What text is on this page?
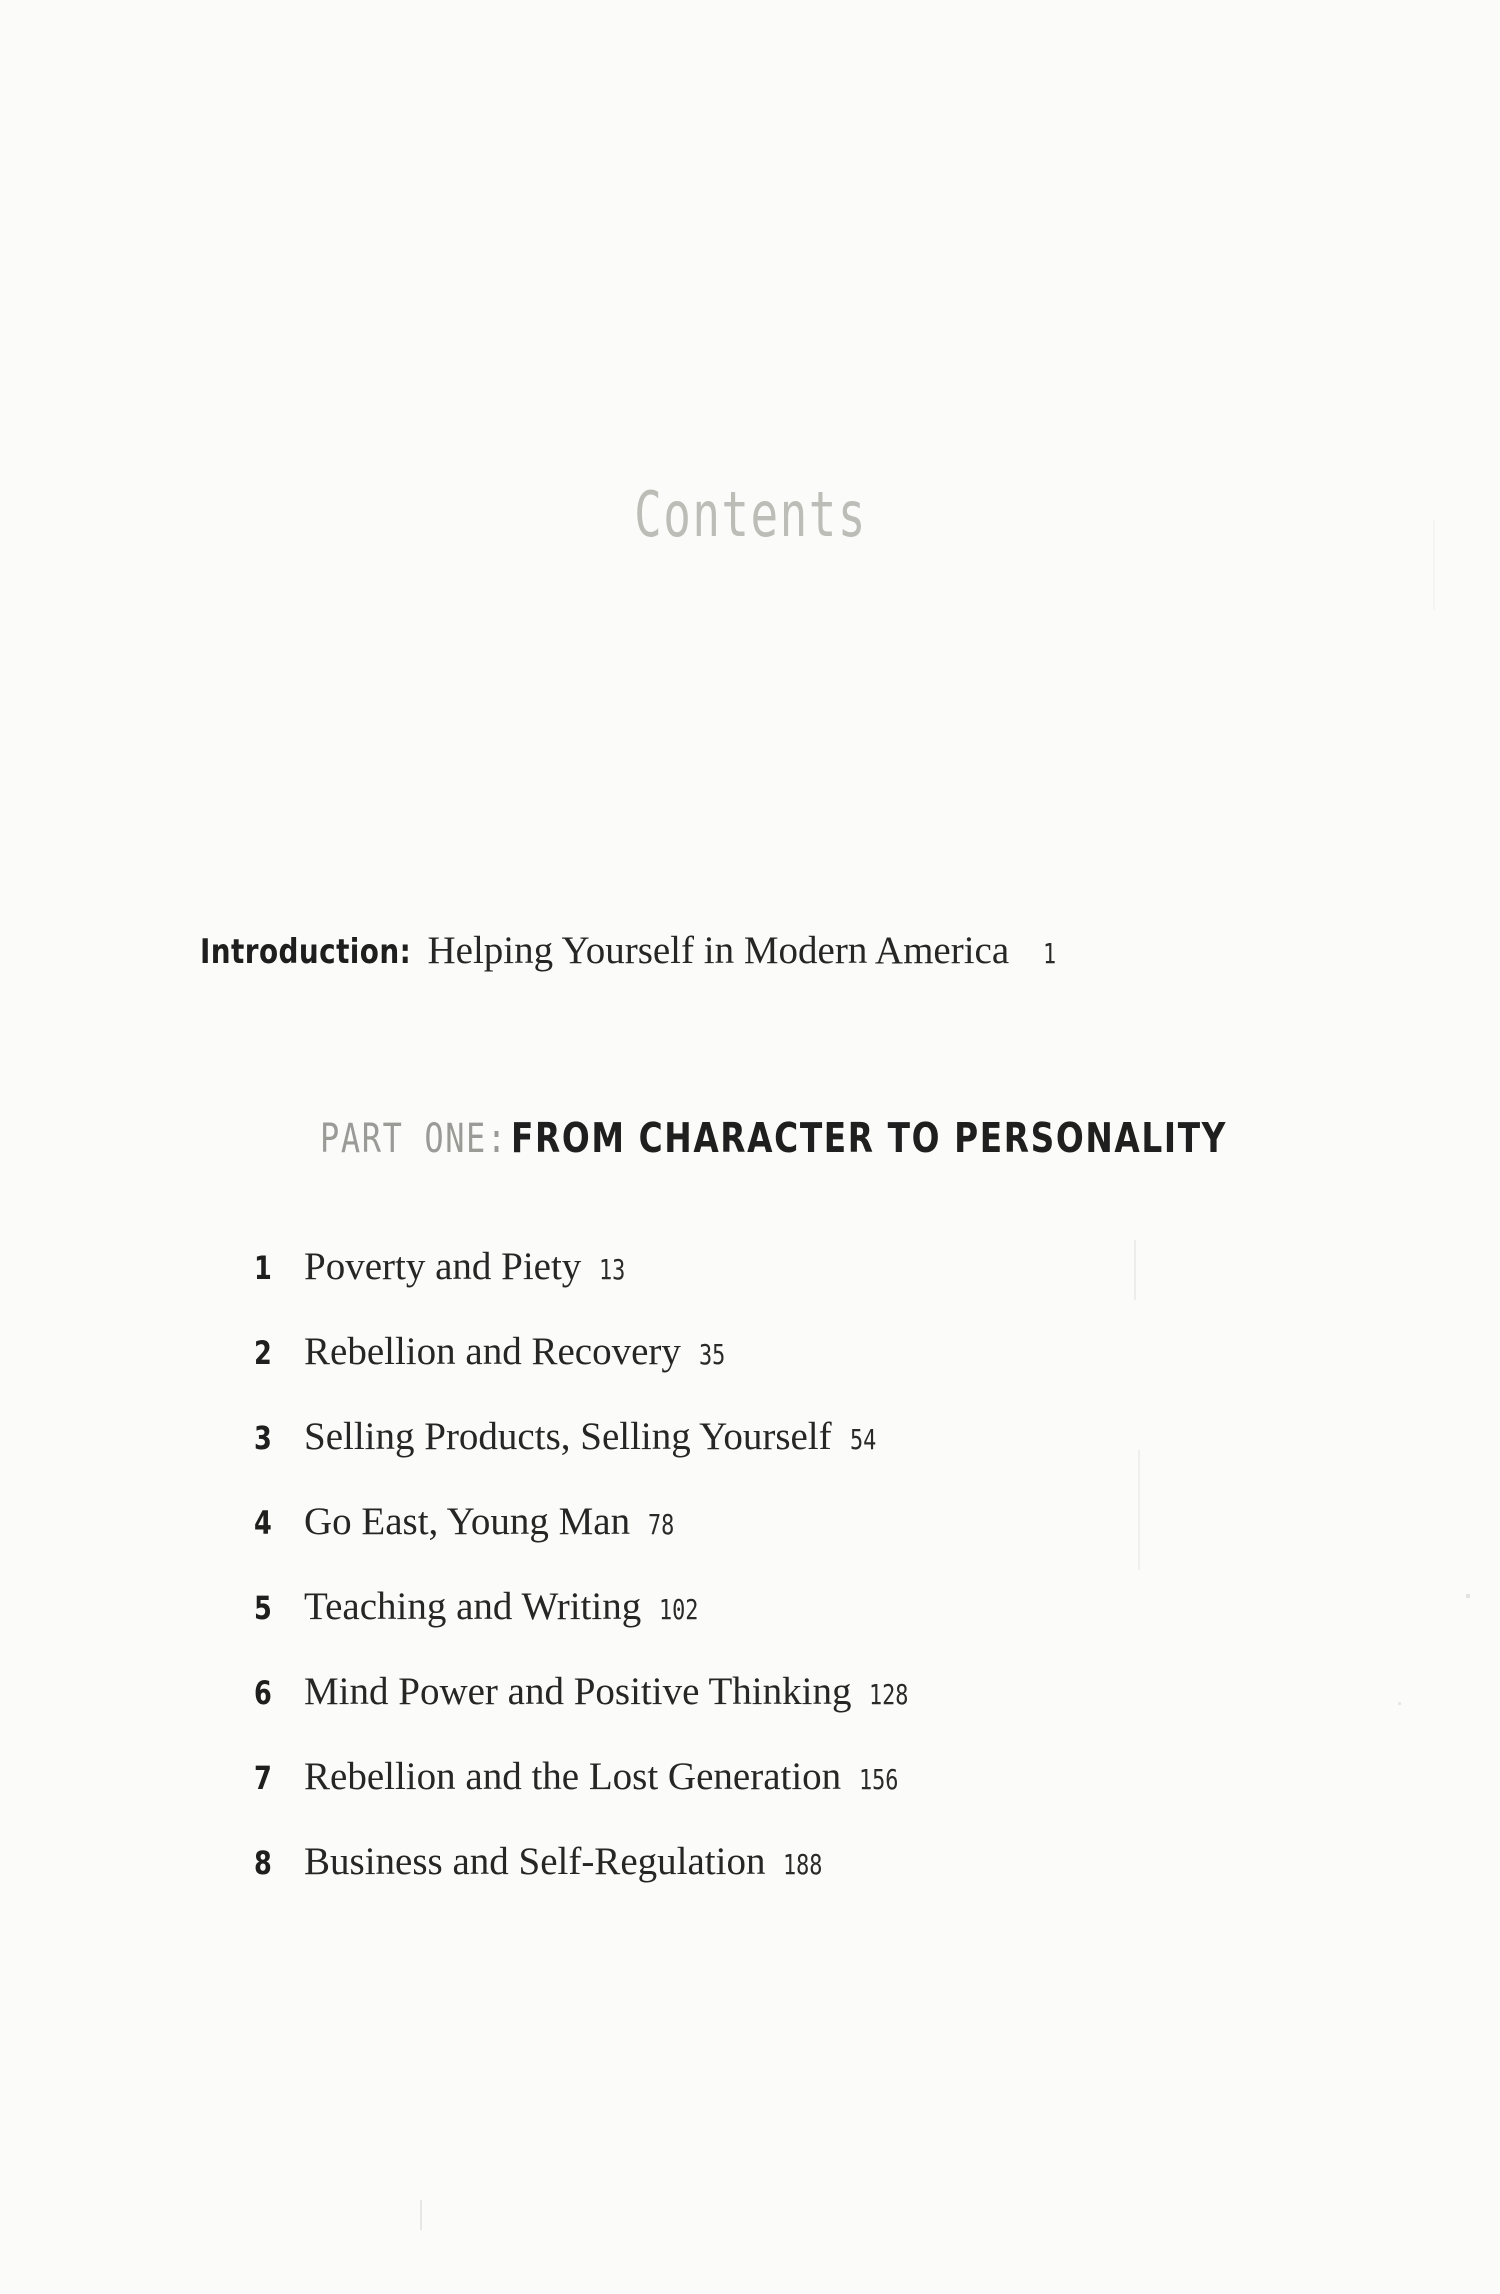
Contents
Introduction: Helping Yourself in Modern America 1
PART ONE: FROM CHARACTER TO PERSONALITY
1 Poverty and Piety 13
2 Rebellion and Recovery 35
3 Selling Products, Selling Yourself 54
4 Go East, Young Man 78
5 Teaching and Writing 102
6 Mind Power and Positive Thinking 128
7 Rebellion and the Lost Generation 156
8 Business and Self-Regulation 188
